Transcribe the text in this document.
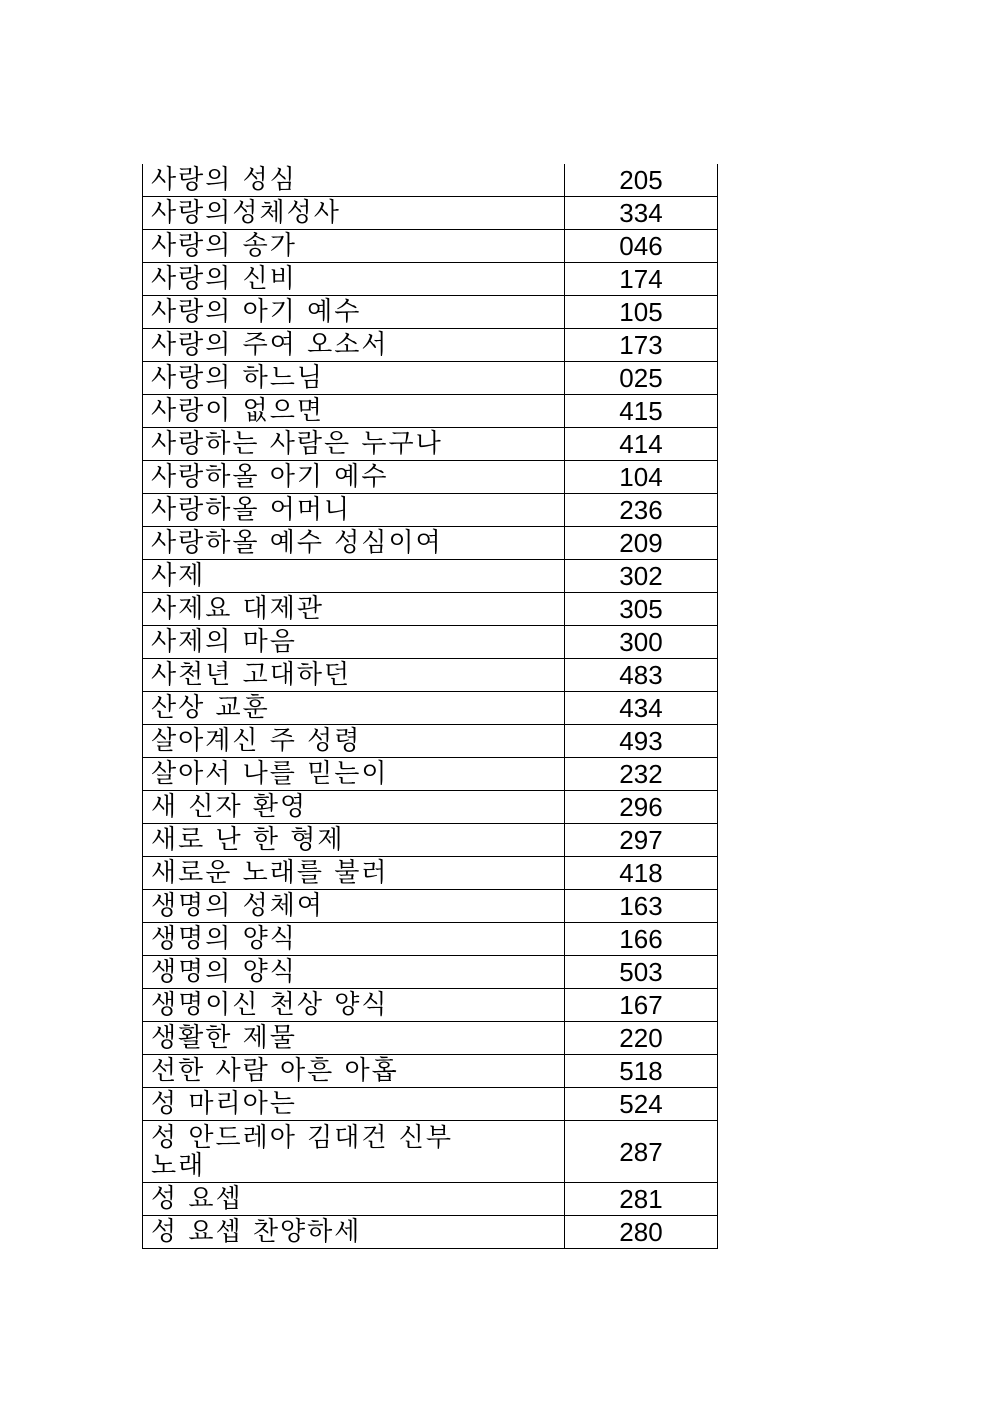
사랑의 성심	205
사랑의성체성사	334
사랑의 송가	046
사랑의 신비	174
사랑의 아기 예수	105
사랑의 주여 오소서	173
사랑의 하느님	025
사랑이 없으면	415
사랑하는 사람은 누구나	414
사랑하올 아기 예수	104
사랑하올 어머니	236
사랑하올 예수 성심이여	209
사제	302
사제요 대제관	305
사제의 마음	300
사천년 고대하던	483
산상 교훈	434
살아계신 주 성령	493
살아서 나를 믿는이	232
새 신자 환영	296
새로 난 한 형제	297
새로운 노래를 불러	418
생명의 성체여	163
생명의 양식	166
생명의 양식	503
생명이신 천상 양식	167
생활한 제물	220
선한 사람 아흔 아홉	518
성 마리아는	524

성 안드레아 김대건 신부 노래	287
성 요셉	281
성 요셉 찬양하세	280
